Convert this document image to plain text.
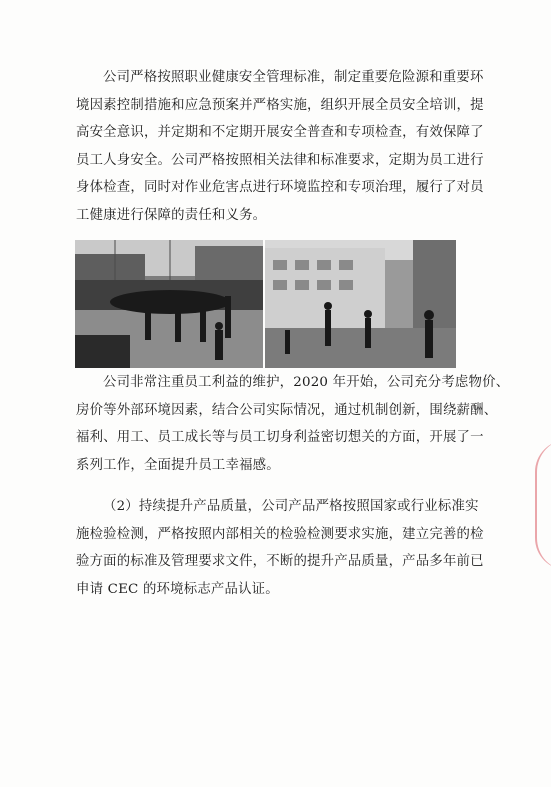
公司严格按照职业健康安全管理标准，制定重要危险源和重要环
境因素控制措施和应急预案并严格实施，组织开展全员安全培训，提
高安全意识，并定期和不定期开展安全普查和专项检查，有效保障了
员工人身安全。公司严格按照相关法律和标准要求，定期为员工进行
身体检查，同时对作业危害点进行环境监控和专项治理，履行了对员
工健康进行保障的责任和义务。
公司非常注重员工利益的维护，2020 年开始，公司充分考虑物价、
房价等外部环境因素，结合公司实际情况，通过机制创新，围绕薪酬、
福利、用工、员工成长等与员工切身利益密切想关的方面，开展了一
系列工作，全面提升员工幸福感。
（2）持续提升产品质量，公司产品严格按照国家或行业标准实
施检验检测，严格按照内部相关的检验检测要求实施，建立完善的检
验方面的标准及管理要求文件，不断的提升产品质量，产品多年前已
申请 CEC 的环境标志产品认证。
